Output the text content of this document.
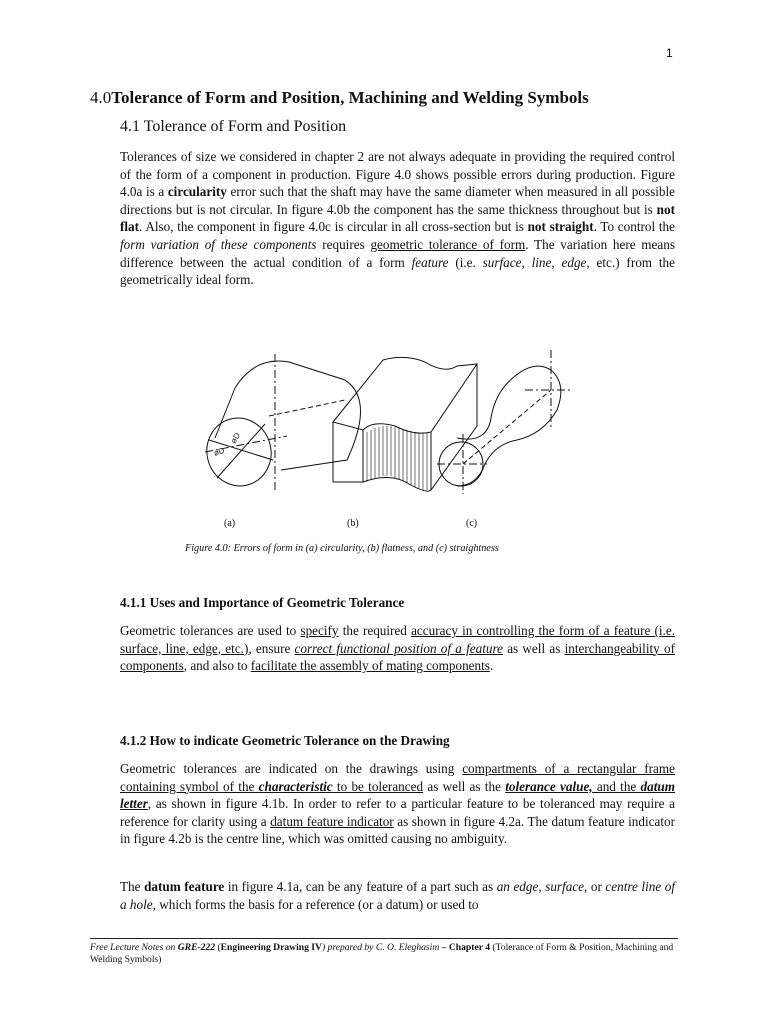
1
4.0Tolerance of Form and Position, Machining and Welding Symbols
4.1 Tolerance of Form and Position
Tolerances of size we considered in chapter 2 are not always adequate in providing the required control of the form of a component in production. Figure 4.0 shows possible errors during production. Figure 4.0a is a circularity error such that the shaft may have the same diameter when measured in all possible directions but is not circular. In figure 4.0b the component has the same thickness throughout but is not flat. Also, the component in figure 4.0c is circular in all cross-section but is not straight. To control the form variation of these components requires geometric tolerance of form. The variation here means difference between the actual condition of a form feature (i.e. surface, line, edge, etc.) from the geometrically ideal form.
øD
øD
(a)	(b)	(c)
Figure 4.0: Errors of form in (a) circularity, (b) flatness, and (c) straightness
4.1.1 Uses and Importance of Geometric Tolerance
Geometric tolerances are used to specify the required accuracy in controlling the form of a feature (i.e. surface, line, edge, etc.), ensure correct functional position of a feature as well as interchangeability of components, and also to facilitate the assembly of mating components.
4.1.2 How to indicate Geometric Tolerance on the Drawing
Geometric tolerances are indicated on the drawings using compartments of a rectangular frame containing symbol of the characteristic to be toleranced as well as the tolerance value, and the datum letter, as shown in figure 4.1b. In order to refer to a particular feature to be toleranced may require a reference for clarity using a datum feature indicator as shown in figure 4.2a. The datum feature indicator in figure 4.2b is the centre line, which was omitted causing no ambiguity.
The datum feature in figure 4.1a, can be any feature of a part such as an edge, surface, or centre line of a hole, which forms the basis for a reference (or a datum) or used to
Free Lecture Notes on GRE-222 (Engineering Drawing IV) prepared by C. O. Eleghasim – Chapter 4 (Tolerance of Form & Position, Machining and Welding Symbols)
